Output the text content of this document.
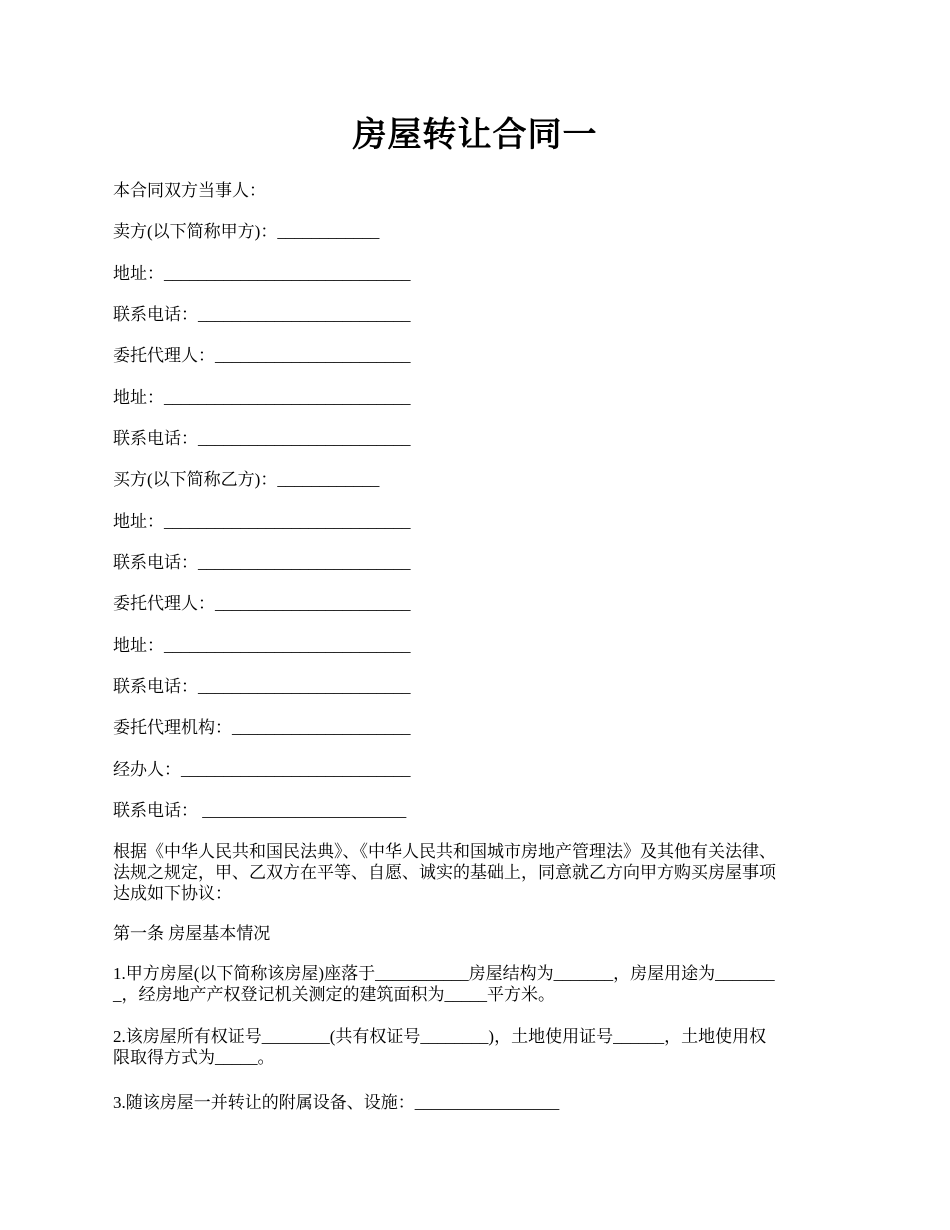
房屋转让合同一
本合同双方当事人：
卖方(以下简称甲方)：____________
地址：_____________________________
联系电话：_________________________
委托代理人：_______________________
地址：_____________________________
联系电话：_________________________
买方(以下简称乙方)：____________
地址：_____________________________
联系电话：_________________________
委托代理人：_______________________
地址：_____________________________
联系电话：_________________________
委托代理机构：_____________________
经办人：___________________________
联系电话： ________________________
根据《中华人民共和国民法典》、《中华人民共和国城市房地产管理法》及其他有关法律、
法规之规定，甲、乙双方在平等、自愿、诚实的基础上，同意就乙方向甲方购买房屋事项
达成如下协议：
第一条 房屋基本情况
1.甲方房屋(以下简称该房屋)座落于___________房屋结构为_______，房屋用途为_______
_，经房地产产权登记机关测定的建筑面积为_____平方米。
2.该房屋所有权证号________(共有权证号________)，土地使用证号______，土地使用权
限取得方式为_____。
3.随该房屋一并转让的附属设备、设施：_________________
